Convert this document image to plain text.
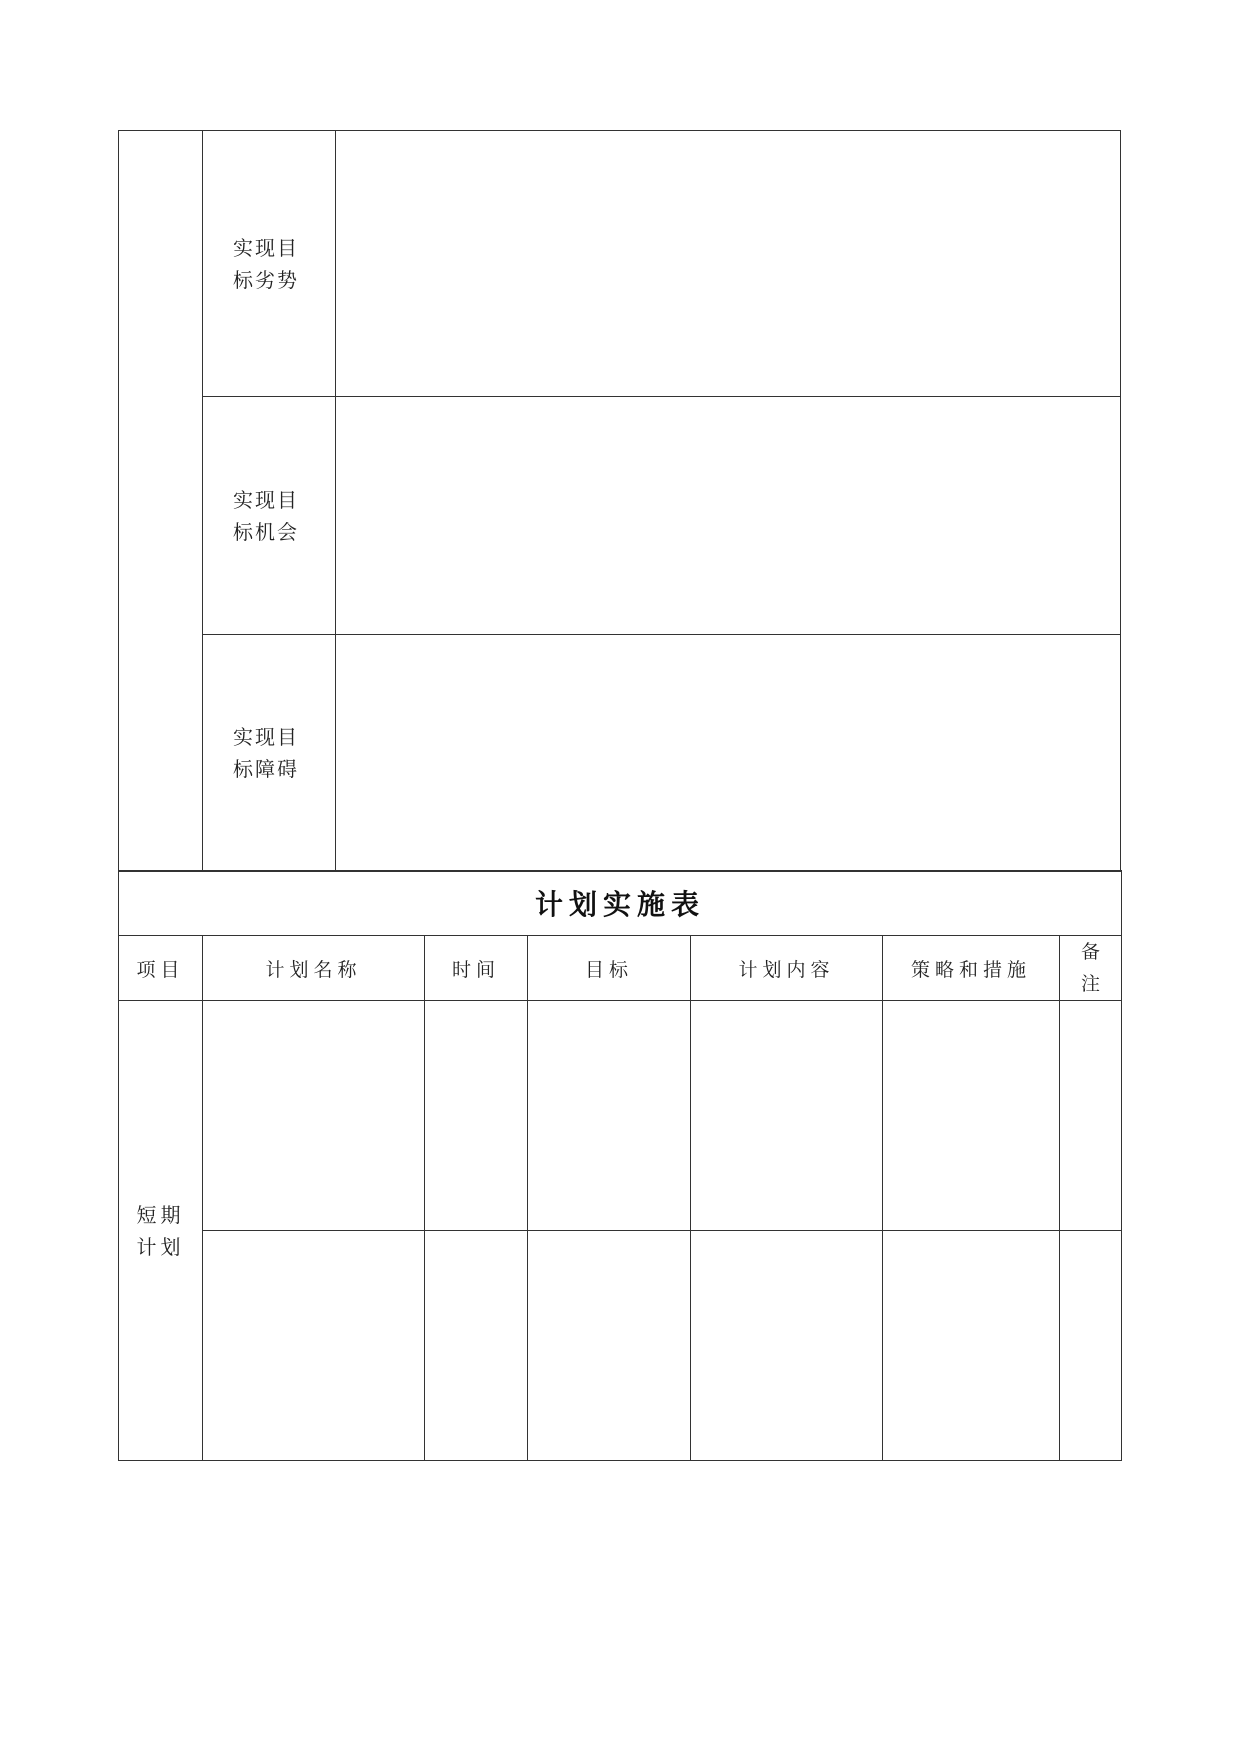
	实现目标劣势	

	实现目标机会	

	实现目标障碍	

计划实施表						
项目	计划名称	时间	目标	计划内容	策略和措施	备注

短期计划						
